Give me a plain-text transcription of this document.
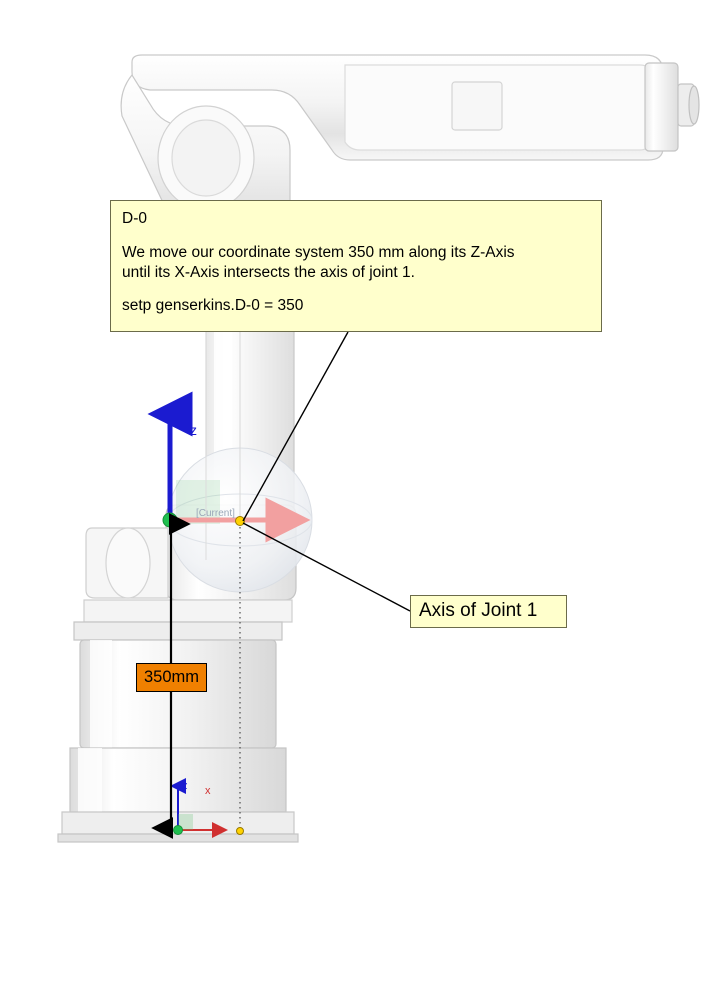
D-0
We move our coordinate system 350 mm along its Z-Axis
until its X-Axis intersects the axis of joint 1.
setp genserkins.D-0 = 350
Axis of Joint 1
350mm
z
z x
[Current]
